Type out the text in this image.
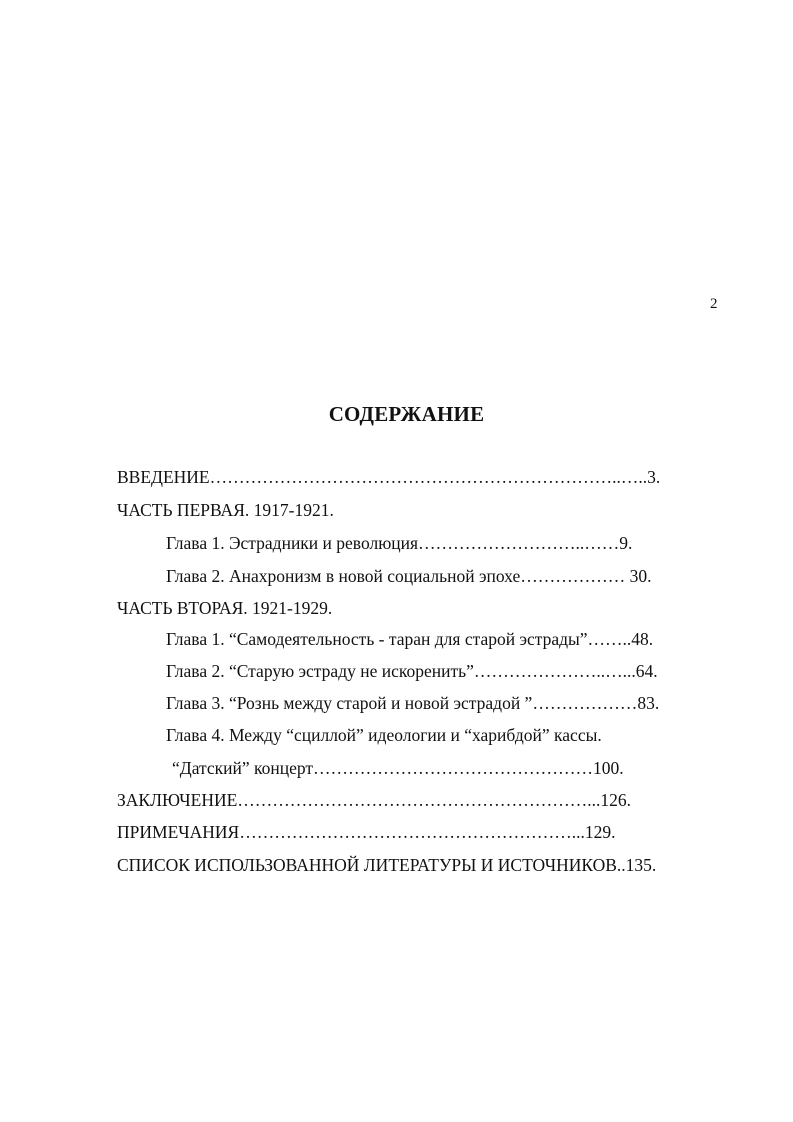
2
СОДЕРЖАНИЕ
ВВЕДЕНИЕ……………………………………………………………..…..3.
ЧАСТЬ ПЕРВАЯ. 1917-1921.
Глава 1. Эстрадники и революция………………………..……9.
Глава 2. Анахронизм в новой социальной эпохе……………… 30.
ЧАСТЬ ВТОРАЯ. 1921-1929.
Глава 1. “Самодеятельность - таран для старой эстрады”……..48.
Глава 2. “Старую эстраду не искоренить”…………………..…...64.
Глава 3. “Рознь между старой и новой эстрадой ”………………83.
Глава 4. Между “сциллой” идеологии и “харибдой” кассы.
“Датский” концерт…………………………………………100.
ЗАКЛЮЧЕНИЕ……………………………………………………...126.
ПРИМЕЧАНИЯ…………………………………………………...129.
СПИСОК ИСПОЛЬЗОВАННОЙ ЛИТЕРАТУРЫ И ИСТОЧНИКОВ..135.
